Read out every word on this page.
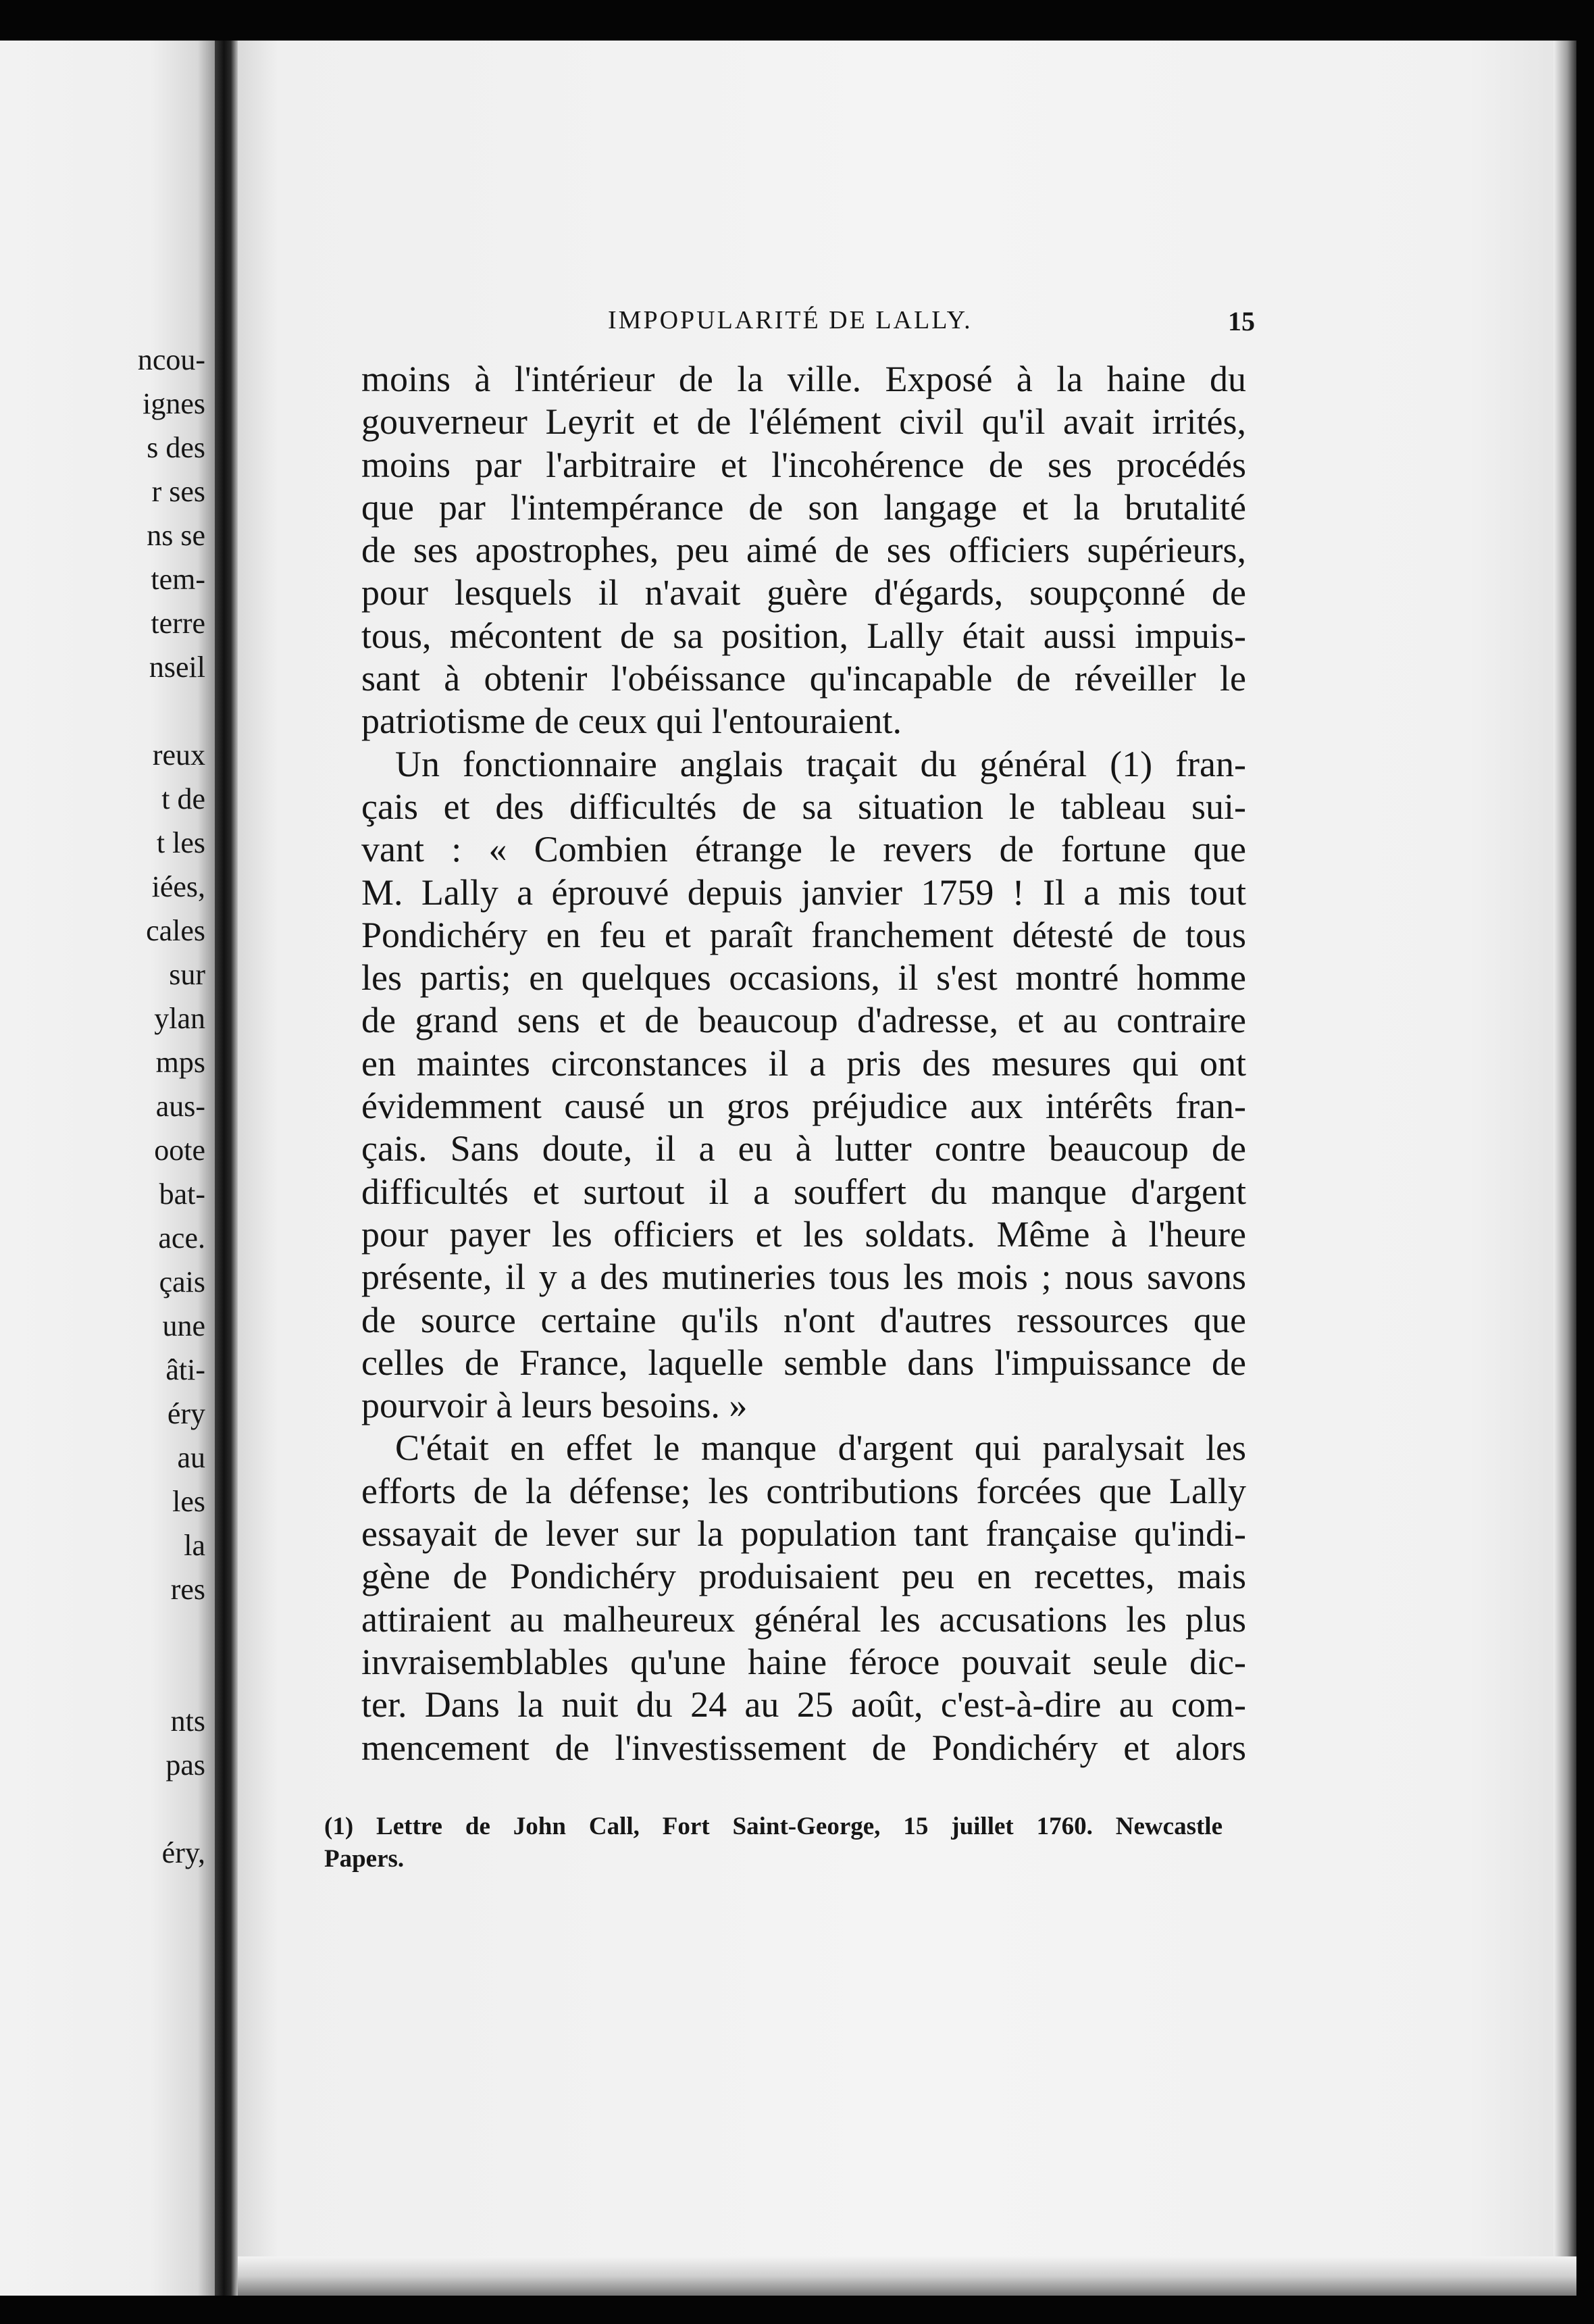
ncou-
ignes
s des
r ses
ns se
tem-
terre
nseil
reux
t de
t les
iées,
cales
sur
ylan
mps
aus-
oote
bat-
ace.
çais
une
âti-
éry
au
les
la
res
nts
pas
éry,
IMPOPULARITÉ DE LALLY.	15
moins à l'intérieur de la ville. Exposé à la haine du
gouverneur Leyrit et de l'élément civil qu'il avait irrités,
moins par l'arbitraire et l'incohérence de ses procédés
que par l'intempérance de son langage et la brutalité
de ses apostrophes, peu aimé de ses officiers supérieurs,
pour lesquels il n'avait guère d'égards, soupçonné de
tous, mécontent de sa position, Lally était aussi impuis-
sant à obtenir l'obéissance qu'incapable de réveiller le
patriotisme de ceux qui l'entouraient.
Un fonctionnaire anglais traçait du général (1) fran-
çais et des difficultés de sa situation le tableau sui-
vant : « Combien étrange le revers de fortune que
M. Lally a éprouvé depuis janvier 1759 ! Il a mis tout
Pondichéry en feu et paraît franchement détesté de tous
les partis; en quelques occasions, il s'est montré homme
de grand sens et de beaucoup d'adresse, et au contraire
en maintes circonstances il a pris des mesures qui ont
évidemment causé un gros préjudice aux intérêts fran-
çais. Sans doute, il a eu à lutter contre beaucoup de
difficultés et surtout il a souffert du manque d'argent
pour payer les officiers et les soldats. Même à l'heure
présente, il y a des mutineries tous les mois ; nous savons
de source certaine qu'ils n'ont d'autres ressources que
celles de France, laquelle semble dans l'impuissance de
pourvoir à leurs besoins. »
C'était en effet le manque d'argent qui paralysait les
efforts de la défense; les contributions forcées que Lally
essayait de lever sur la population tant française qu'indi-
gène de Pondichéry produisaient peu en recettes, mais
attiraient au malheureux général les accusations les plus
invraisemblables qu'une haine féroce pouvait seule dic-
ter. Dans la nuit du 24 au 25 août, c'est-à-dire au com-
mencement de l'investissement de Pondichéry et alors
(1) Lettre de John Call, Fort Saint-George, 15 juillet 1760. Newcastle
Papers.
